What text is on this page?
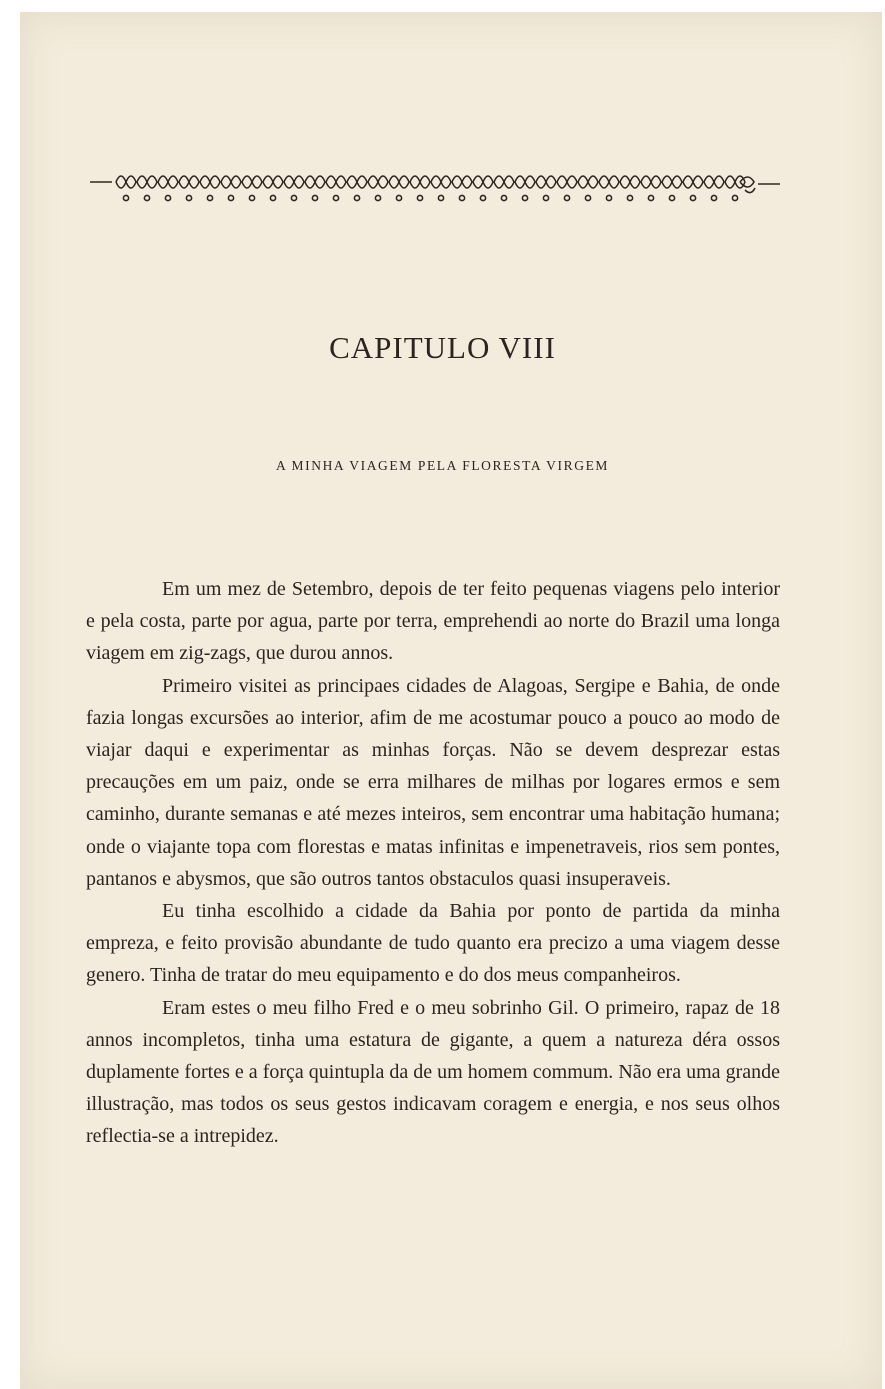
CAPITULO VIII
A MINHA VIAGEM PELA FLORESTA VIRGEM

Em um mez de Setembro, depois de ter feito pequenas viagens pelo interior e pela costa, parte por agua, parte por terra, emprehendi ao norte do Brazil uma longa viagem em zig-zags, que durou annos.

Primeiro visitei as principaes cidades de Alagoas, Sergipe e Bahia, de onde fazia longas excursões ao interior, afim de me acostumar pouco a pouco ao modo de viajar daqui e experimentar as minhas forças. Não se devem desprezar estas precauções em um paiz, onde se erra milhares de milhas por logares ermos e sem caminho, durante semanas e até mezes inteiros, sem encontrar uma habitação humana; onde o viajante topa com florestas e matas infinitas e impenetraveis, rios sem pontes, pantanos e abysmos, que são outros tantos obstaculos quasi insuperaveis.

Eu tinha escolhido a cidade da Bahia por ponto de partida da minha empreza, e feito provisão abundante de tudo quanto era precizo a uma viagem desse genero. Tinha de tratar do meu equipamento e do dos meus companheiros.

Eram estes o meu filho Fred e o meu sobrinho Gil. O primeiro, rapaz de 18 annos incompletos, tinha uma estatura de gigante, a quem a natureza déra ossos duplamente fortes e a força quintupla da de um homem commum. Não era uma grande illustração, mas todos os seus gestos indicavam coragem e energia, e nos seus olhos reflectia-se a intrepidez.
